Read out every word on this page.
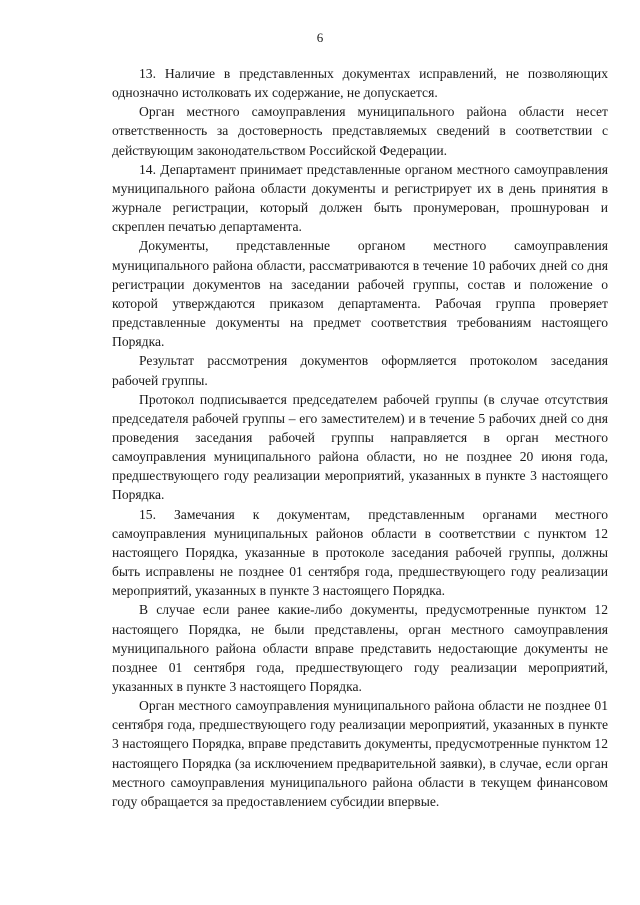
6

13. Наличие в представленных документах исправлений, не позволяющих однозначно истолковать их содержание, не допускается.

Орган местного самоуправления муниципального района области несет ответственность за достоверность представляемых сведений в соответствии с действующим законодательством Российской Федерации.

14. Департамент принимает представленные органом местного самоуправления муниципального района области документы и регистрирует их в день принятия в журнале регистрации, который должен быть пронумерован, прошнурован и скреплен печатью департамента.

Документы, представленные органом местного самоуправления муниципального района области, рассматриваются в течение 10 рабочих дней со дня регистрации документов на заседании рабочей группы, состав и положение о которой утверждаются приказом департамента. Рабочая группа проверяет представленные документы на предмет соответствия требованиям настоящего Порядка.

Результат рассмотрения документов оформляется протоколом заседания рабочей группы.

Протокол подписывается председателем рабочей группы (в случае отсутствия председателя рабочей группы – его заместителем) и в течение 5 рабочих дней со дня проведения заседания рабочей группы направляется в орган местного самоуправления муниципального района области, но не позднее 20 июня года, предшествующего году реализации мероприятий, указанных в пункте 3 настоящего Порядка.

15. Замечания к документам, представленным органами местного самоуправления муниципальных районов области в соответствии с пунктом 12 настоящего Порядка, указанные в протоколе заседания рабочей группы, должны быть исправлены не позднее 01 сентября года, предшествующего году реализации мероприятий, указанных в пункте 3 настоящего Порядка.

В случае если ранее какие-либо документы, предусмотренные пунктом 12 настоящего Порядка, не были представлены, орган местного самоуправления муниципального района области вправе представить недостающие документы не позднее 01 сентября года, предшествующего году реализации мероприятий, указанных в пункте 3 настоящего Порядка.

Орган местного самоуправления муниципального района области не позднее 01 сентября года, предшествующего году реализации мероприятий, указанных в пункте 3 настоящего Порядка, вправе представить документы, предусмотренные пунктом 12 настоящего Порядка (за исключением предварительной заявки), в случае, если орган местного самоуправления муниципального района области в текущем финансовом году обращается за предоставлением субсидии впервые.
